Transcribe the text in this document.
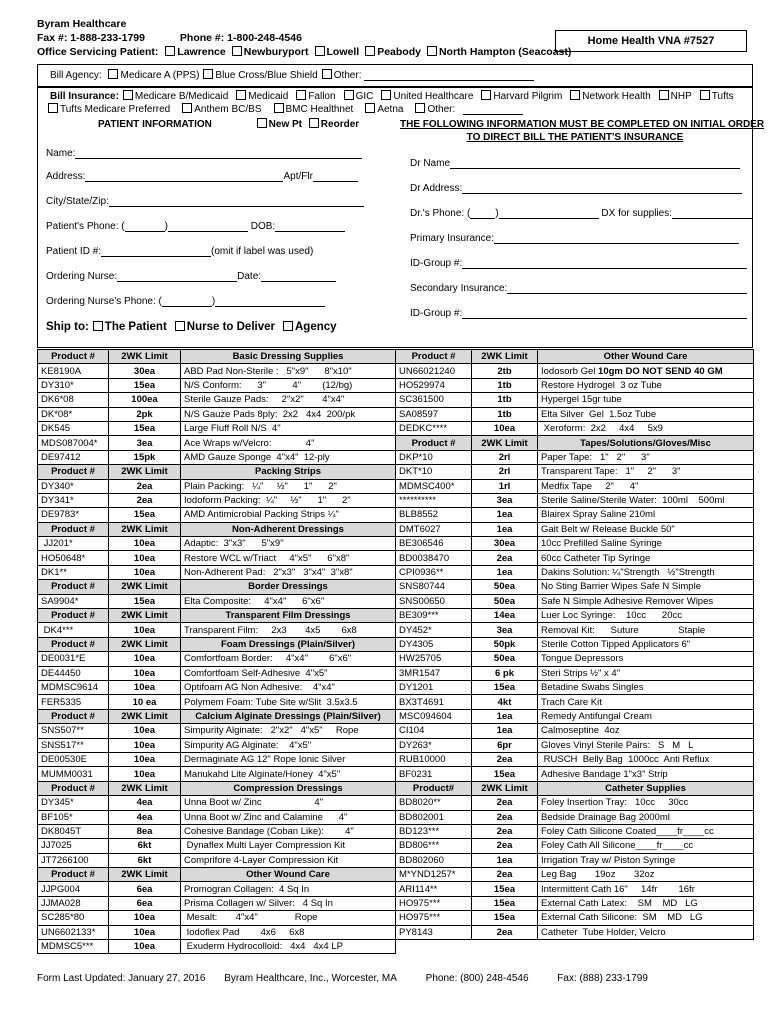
Byram Healthcare
Fax #: 1-888-233-1799	Phone #: 1-800-248-4546
Office Servicing Patient: Lawrence Newburyport Lowell Peabody North Hampton (Seacoast)
Home Health VNA #7527
Bill Agency: Medicare A (PPS) Blue Cross/Blue Shield Other:
Bill Insurance: Medicare B/Medicaid Medicaid Fallon GIC United Healthcare Harvard Pilgrim Network Health NHP Tufts
Tufts Medicare Preferred Anthem BC/BS BMC Healthnet Aetna Other:
PATIENT INFORMATION	New Pt Reorder	THE FOLLOWING INFORMATION MUST BE COMPLETED ON INITIAL ORDER
TO DIRECT BILL THE PATIENT'S INSURANCE
Name:
Address:	Apt/Flr
City/State/Zip:
Patient's Phone: (	)	DOB:
Patient ID #:	(omit if label was used)
Ordering Nurse:	Date:
Ordering Nurse's Phone: (	)
Dr Name
Dr Address:
Dr.'s Phone: (	)	DX for supplies:
Primary Insurance:
ID-Group #:
Secondary Insurance:
ID-Group #:
Ship to: The Patient Nurse to Deliver Agency
Product #	2WK Limit	Basic Dressing Supplies
KE8190A	30ea	ABD Pad Non-Sterile :   5"x9"      8"x10"
DY310*	15ea	N/S Conform:      3"          4"        (12/bg)
DK6*08	100ea	Sterile Gauze Pads:     2"x2"       4"x4"
DK*08*	2pk	N/S Gauze Pads 8ply:  2x2   4x4  200/pk
DK545	15ea	Large Fluff Roll N/S  4"
MDS087004*	3ea	Ace Wraps w/Velcro:             4"
DE97412	15pk	AMD Gauze Sponge  4"x4"  12-ply
Product #	2WK Limit	Packing Strips
DY340*	2ea	Plain Packing:   ¼"     ½"      1"      2"
DY341*	2ea	Iodoform Packing:  ¼"     ½"      1"      2"
DE9783*	15ea	AMD Antimicrobial Packing Strips ¼"
Product #	2WK Limit	Non-Adherent Dressings
JJ201*	10ea	Adaptic:  3"x3"      5"x9"
HO50648*	10ea	Restore WCL w/Triact     4"x5"      6"x8"
DK1**	10ea	Non-Adherent Pad:   2"x3"   3"x4"  3"x8"
Product #	2WK Limit	Border Dressings
SA9904*	15ea	Elta Composite:     4"x4"      6"x6"
Product #	2WK Limit	Transparent Film Dressings
DK4***	10ea	Transparent Film:     2x3       4x5        6x8
Product #	2WK Limit	Foam Dressings (Plain/Silver)
DE0031*E	10ea	Comfortfoam Border:     4"x4"        6"x6"
DE44450	10ea	Comfortfoam Self-Adhesive  4"x5"
MDMSC9614	10ea	Optifoam AG Non Adhesive:    4"x4"
FER5335	10 ea	Polymem Foam: Tube Site w/Slit  3.5x3.5
Product #	2WK Limit	Calcium Alginate Dressings (Plain/Silver)
SNS507**	10ea	Simpurity Alginate:   2"x2"   4"x5"     Rope
SNS517**	10ea	Simpurity AG Alginate:    4"x5"
DE00530E	10ea	Dermaginate AG 12" Rope Ionic Silver
MUMM0031	10ea	Manukahd Lite Alginate/Honey  4"x5"
Product #	2WK Limit	Compression Dressings
DY345*	4ea	Unna Boot w/ Zinc                    4"
BF105*	4ea	Unna Boot w/ Zinc and Calamine      4"
DK8045T	8ea	Cohesive Bandage (Coban Like):        4"
JJ7025	6kt	Dynaflex Multi Layer Compression Kit
JT7266100	6kt	Comprifore 4-Layer Compression Kit
Product #	2WK Limit	Other Wound Care
JJPG004	6ea	Promogran Collagen:  4 Sq In
JJMA028	6ea	Prisma Collagen w/ Silver:   4 Sq In
SC285*80	10ea	Mesalt:       4"x4"              Rope
UN6602133*	10ea	Iodoflex Pad        4x6     6x8
MDMSC5***	10ea	Exuderm Hydrocolloid:   4x4   4x4 LP
Product #	2WK Limit	Other Wound Care
UN66021240	2tb	Iodosorb Gel 10gm DO NOT SEND 40 GM
HO529974	1tb	Restore Hydrogel  3 oz Tube
SC361500	1tb	Hypergel 15gr tube
SA08597	1tb	Elta Silver  Gel  1.5oz Tube
DEDKC****	10ea	Xeroform:  2x2     4x4     5x9
Product #	2WK Limit	Tapes/Solutions/Gloves/Misc
DKP*10	2rl	Paper Tape:   1"   2"      3"
DKT*10	2rl	Transparent Tape:   1"     2"      3"
MDMSC400*	1rl	Medfix Tape     2"      4"
**********	3ea	Sterile Saline/Sterile Water:  100ml    500ml
BLB8552	1ea	Blairex Spray Saline 210ml
DMT6027	1ea	Gait Belt w/ Release Buckle 50"
BE306546	30ea	10cc Prefilled Saline Syringe
BD0038470	2ea	60cc Catheter Tip Syringe
CPI0936**	1ea	Dakins Solution: ¼"Strength   ½"Strength
SNS80744	50ea	No Sting Barrier Wipes Safe N Simple
SNS00650	50ea	Safe N Simple Adhesive Remover Wipes
BE309***	14ea	Luer Loc Syringe:    10cc      20cc
DY452*	3ea	Removal Kit:      Suture               Staple
DY4305	50pk	Sterile Cotton Tipped Applicators 6"
HW25705	50ea	Tongue Depressors
3MR1547	6 pk	Steri Strips ½" x 4"
DY1201	15ea	Betadine Swabs Singles
BX3T4691	4kt	Trach Care Kit
MSC094604	1ea	Remedy Antifungal Cream
CI104	1ea	Calmoseptine  4oz
DY263*	6pr	Gloves Vinyl Sterile Pairs:   S   M   L
RUB10000	2ea	RUSCH  Belly Bag  1000cc  Anti Reflux
BF0231	15ea	Adhesive Bandage 1"x3" Strip
Product#	2WK Limit	Catheter Supplies
BD8020**	2ea	Foley Insertion Tray:   10cc     30cc
BD802001	2ea	Bedside Drainage Bag 2000ml
BD123***	2ea	Foley Cath Silicone Coated____fr____cc
BD806***	2ea	Foley Cath All Silicone____fr____cc
BD802060	1ea	Irrigation Tray w/ Piston Syringe
M*YND1257*	2ea	Leg Bag       19oz       32oz
ARI114**	15ea	Intermittent Cath 16"     14fr        16fr
HO975***	15ea	External Cath Latex:    SM    MD   LG
HO975***	15ea	External Cath Silicone:  SM    MD   LG
PY8143	2ea	Catheter  Tube Holder, Velcro
Form Last Updated: January 27, 2016 Byram Healthcare, Inc., Worcester, MA	Phone: (800) 248-4546	Fax: (888) 233-1799
